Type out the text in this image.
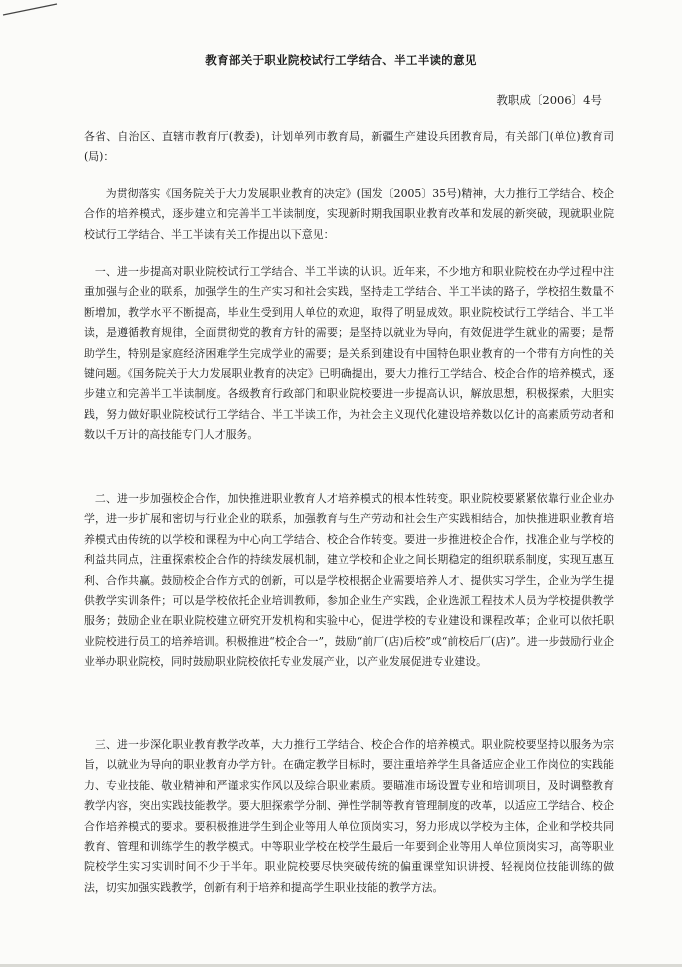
教育部关于职业院校试行工学结合、半工半读的意见
教职成〔2006〕4号

各省、自治区、直辖市教育厅(教委)，计划单列市教育局，新疆生产建设兵团教育局，有关部门(单位)教育司(局)：

为贯彻落实《国务院关于大力发展职业教育的决定》(国发〔2005〕35号)精神，大力推行工学结合、校企合作的培养模式，逐步建立和完善半工半读制度，实现新时期我国职业教育改革和发展的新突破，现就职业院校试行工学结合、半工半读有关工作提出以下意见：

一、进一步提高对职业院校试行工学结合、半工半读的认识。近年来，不少地方和职业院校在办学过程中注重加强与企业的联系，加强学生的生产实习和社会实践，坚持走工学结合、半工半读的路子，学校招生数量不断增加，教学水平不断提高，毕业生受到用人单位的欢迎，取得了明显成效。职业院校试行工学结合、半工半读，是遵循教育规律，全面贯彻党的教育方针的需要；是坚持以就业为导向，有效促进学生就业的需要；是帮助学生，特别是家庭经济困难学生完成学业的需要；是关系到建设有中国特色职业教育的一个带有方向性的关键问题。《国务院关于大力发展职业教育的决定》已明确提出，要大力推行工学结合、校企合作的培养模式，逐步建立和完善半工半读制度。各级教育行政部门和职业院校要进一步提高认识，解放思想，积极探索，大胆实践，努力做好职业院校试行工学结合、半工半读工作，为社会主义现代化建设培养数以亿计的高素质劳动者和数以千万计的高技能专门人才服务。

二、进一步加强校企合作，加快推进职业教育人才培养模式的根本性转变。职业院校要紧紧依靠行业企业办学，进一步扩展和密切与行业企业的联系，加强教育与生产劳动和社会生产实践相结合，加快推进职业教育培养模式由传统的以学校和课程为中心向工学结合、校企合作转变。要进一步推进校企合作，找准企业与学校的利益共同点，注重探索校企合作的持续发展机制，建立学校和企业之间长期稳定的组织联系制度，实现互惠互利、合作共赢。鼓励校企合作方式的创新，可以是学校根据企业需要培养人才、提供实习学生，企业为学生提供教学实训条件；可以是学校依托企业培训教师，参加企业生产实践，企业选派工程技术人员为学校提供教学服务；鼓励企业在职业院校建立研究开发机构和实验中心，促进学校的专业建设和课程改革；企业可以依托职业院校进行员工的培养培训。积极推进“校企合一”，鼓励“前厂(店)后校”或“前校后厂(店)”。进一步鼓励行业企业举办职业院校，同时鼓励职业院校依托专业发展产业，以产业发展促进专业建设。

三、进一步深化职业教育教学改革，大力推行工学结合、校企合作的培养模式。职业院校要坚持以服务为宗旨，以就业为导向的职业教育办学方针。在确定教学目标时，要注重培养学生具备适应企业工作岗位的实践能力、专业技能、敬业精神和严谨求实作风以及综合职业素质。要瞄准市场设置专业和培训项目，及时调整教育教学内容，突出实践技能教学。要大胆探索学分制、弹性学制等教育管理制度的改革，以适应工学结合、校企合作培养模式的要求。要积极推进学生到企业等用人单位顶岗实习，努力形成以学校为主体，企业和学校共同教育、管理和训练学生的教学模式。中等职业学校在校学生最后一年要到企业等用人单位顶岗实习，高等职业院校学生实习实训时间不少于半年。职业院校要尽快突破传统的偏重课堂知识讲授、轻视岗位技能训练的做法，切实加强实践教学，创新有利于培养和提高学生职业技能的教学方法。
